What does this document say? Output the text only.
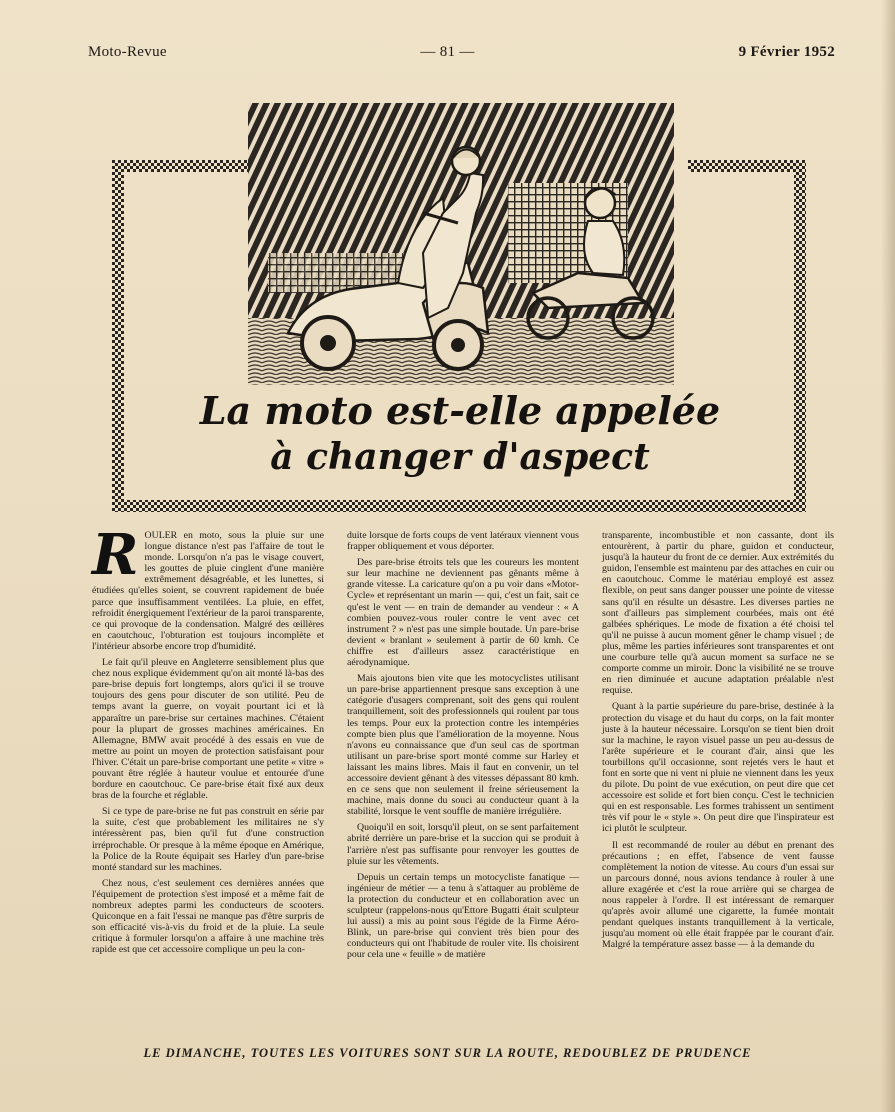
Moto-Revue	— 81 —	9 Février 1952
La moto est-elle appelée
à changer d'aspect

ROULER en moto, sous la pluie sur une longue distance n'est pas l'affaire de tout le monde. Lorsqu'on n'a pas le visage couvert, les gouttes de pluie cinglent d'une manière extrêmement désagréable, et les lunettes, si étudiées qu'elles soient, se couvrent rapidement de buée parce que insuffisamment ventilées. La pluie, en effet, refroidit énergiquement l'extérieur de la paroi transparente, ce qui provoque de la condensation. Malgré des œillères en caoutchouc, l'obturation est toujours incomplète et l'intérieur absorbe encore trop d'humidité.

Le fait qu'il pleuve en Angleterre sensiblement plus que chez nous explique évidemment qu'on ait monté là-bas des pare-brise depuis fort longtemps, alors qu'ici il se trouve toujours des gens pour discuter de son utilité. Peu de temps avant la guerre, on voyait pourtant ici et là apparaître un pare-brise sur certaines machines. C'étaient pour la plupart de grosses machines américaines. En Allemagne, BMW avait procédé à des essais en vue de mettre au point un moyen de protection satisfaisant pour l'hiver. C'était un pare-brise comportant une petite « vitre » pouvant être réglée à hauteur voulue et entourée d'une bordure en caoutchouc. Ce pare-brise était fixé aux deux bras de la fourche et réglable.

Si ce type de pare-brise ne fut pas construit en série par la suite, c'est que probablement les militaires ne s'y intéressèrent pas, bien qu'il fut d'une construction irréprochable. Or presque à la même époque en Amérique, la Police de la Route équipait ses Harley d'un pare-brise monté standard sur les machines.

Chez nous, c'est seulement ces dernières années que l'équipement de protection s'est imposé et a même fait de nombreux adeptes parmi les conducteurs de scooters. Quiconque en a fait l'essai ne manque pas d'être surpris de son efficacité vis-à-vis du froid et de la pluie. La seule critique à formuler lorsqu'on a affaire à une machine très rapide est que cet accessoire complique un peu la con-

duite lorsque de forts coups de vent latéraux viennent vous frapper obliquement et vous déporter.

Des pare-brise étroits tels que les coureurs les montent sur leur machine ne deviennent pas gênants même à grande vitesse. La caricature qu'on a pu voir dans «Motor-Cycle» et représentant un marin — qui, c'est un fait, sait ce qu'est le vent — en train de demander au vendeur : « A combien pouvez-vous rouler contre le vent avec cet instrument ? » n'est pas une simple boutade. Un pare-brise devient « branlant » seulement à partir de 60 kmh. Ce chiffre est d'ailleurs assez caractéristique en aérodynamique.

Mais ajoutons bien vite que les motocyclistes utilisant un pare-brise appartiennent presque sans exception à une catégorie d'usagers comprenant, soit des gens qui roulent tranquillement, soit des professionnels qui roulent par tous les temps. Pour eux la protection contre les intempéries compte bien plus que l'amélioration de la moyenne. Nous n'avons eu connaissance que d'un seul cas de sportman utilisant un pare-brise sport monté comme sur Harley et laissant les mains libres. Mais il faut en convenir, un tel accessoire devient gênant à des vitesses dépassant 80 kmh. en ce sens que non seulement il freine sérieusement la machine, mais donne du souci au conducteur quant à la stabilité, lorsque le vent souffle de manière irrégulière.

Quoiqu'il en soit, lorsqu'il pleut, on se sent parfaitement abrité derrière un pare-brise et la succion qui se produit à l'arrière n'est pas suffisante pour renvoyer les gouttes de pluie sur les vêtements.

Depuis un certain temps un motocycliste fanatique — ingénieur de métier — a tenu à s'attaquer au problème de la protection du conducteur et en collaboration avec un sculpteur (rappelons-nous qu'Ettore Bugatti était sculpteur lui aussi) a mis au point sous l'égide de la Firme Aéro-Blink, un pare-brise qui convient très bien pour des conducteurs qui ont l'habitude de rouler vite. Ils choisirent pour cela une « feuille » de matière

transparente, incombustible et non cassante, dont ils entourèrent, à partir du phare, guidon et conducteur, jusqu'à la hauteur du front de ce dernier. Aux extrémités du guidon, l'ensemble est maintenu par des attaches en cuir ou en caoutchouc. Comme le matériau employé est assez flexible, on peut sans danger pousser une pointe de vitesse sans qu'il en résulte un désastre. Les diverses parties ne sont d'ailleurs pas simplement courbées, mais ont été galbées sphériques. Le mode de fixation a été choisi tel qu'il ne puisse à aucun moment gêner le champ visuel ; de plus, même les parties inférieures sont transparentes et ont une courbure telle qu'à aucun moment sa surface ne se comporte comme un miroir. Donc la visibilité ne se trouve en rien diminuée et aucune adaptation préalable n'est requise.

Quant à la partie supérieure du pare-brise, destinée à la protection du visage et du haut du corps, on la fait monter juste à la hauteur nécessaire. Lorsqu'on se tient bien droit sur la machine, le rayon visuel passe un peu au-dessus de l'arête supérieure et le courant d'air, ainsi que les tourbillons qu'il occasionne, sont rejetés vers le haut et font en sorte que ni vent ni pluie ne viennent dans les yeux du pilote. Du point de vue exécution, on peut dire que cet accessoire est solide et fort bien conçu. C'est le technicien qui en est responsable. Les formes trahissent un sentiment très vif pour le « style ». On peut dire que l'inspirateur est ici plutôt le sculpteur.

Il est recommandé de rouler au début en prenant des précautions ; en effet, l'absence de vent fausse complètement la notion de vitesse. Au cours d'un essai sur un parcours donné, nous avions tendance à rouler à une allure exagérée et c'est la roue arrière qui se chargea de nous rappeler à l'ordre. Il est intéressant de remarquer qu'après avoir allumé une cigarette, la fumée montait pendant quelques instants tranquillement à la verticale, jusqu'au moment où elle était frappée par le courant d'air. Malgré la température assez basse — à la demande du

LE DIMANCHE, TOUTES LES VOITURES SONT SUR LA ROUTE, REDOUBLEZ DE PRUDENCE
